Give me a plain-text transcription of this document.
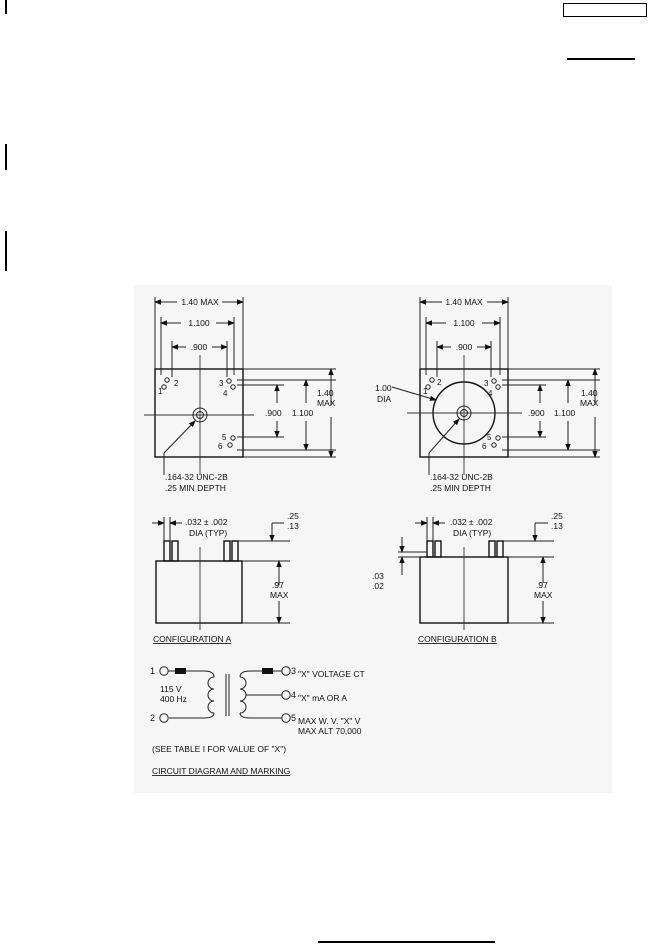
1.40 MAX
1.100
.900
1
2	3
4
5
6
.900 1.100
1.40
MAX
.164-32 UNC-2B
.25 MIN DEPTH
1.40 MAX
1.100
.900
1
2	3
4
5
6
1.00
DIA
.900 1.100
1.40
MAX
.164-32 UNC-2B
.25 MIN DEPTH
.032 ± .002
DIA (TYP)
.25
.13
.97
MAX
CONFIGURATION A
.032 ± .002
DIA (TYP)
.03
.02
.25
.13
.97
MAX
CONFIGURATION B
1
2
115 V
400 Hz
3 "X" VOLTAGE CT
4 "X" mA OR A
5 MAX W. V. "X" V
MAX ALT 70,000
(SEE TABLE I FOR VALUE OF "X")
CIRCUIT DIAGRAM AND MARKING
